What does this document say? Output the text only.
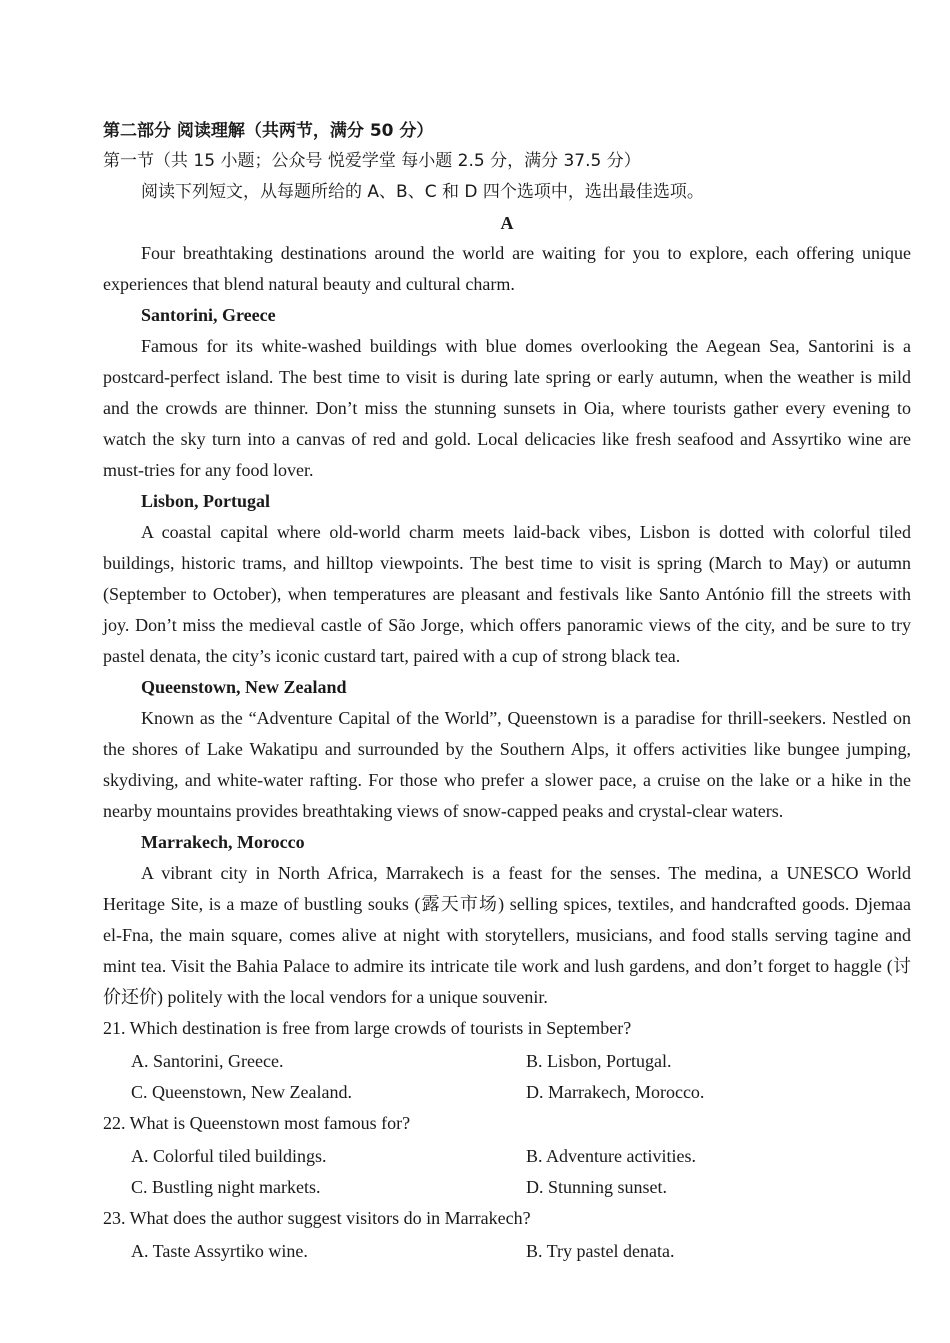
第二部分 阅读理解（共两节，满分 50 分）

第一节（共 15 小题；公众号 悦爱学堂 每小题 2.5 分，满分 37.5 分）

阅读下列短文，从每题所给的 A、B、C 和 D 四个选项中，选出最佳选项。

A

Four breathtaking destinations around the world are waiting for you to explore, each offering unique experiences that blend natural beauty and cultural charm.

Santorini, Greece

Famous for its white-washed buildings with blue domes overlooking the Aegean Sea, Santorini is a postcard-perfect island. The best time to visit is during late spring or early autumn, when the weather is mild and the crowds are thinner. Don’t miss the stunning sunsets in Oia, where tourists gather every evening to watch the sky turn into a canvas of red and gold. Local delicacies like fresh seafood and Assyrtiko wine are must-tries for any food lover.

Lisbon, Portugal

A coastal capital where old-world charm meets laid-back vibes, Lisbon is dotted with colorful tiled buildings, historic trams, and hilltop viewpoints. The best time to visit is spring (March to May) or autumn (September to October), when temperatures are pleasant and festivals like Santo António fill the streets with joy. Don’t miss the medieval castle of São Jorge, which offers panoramic views of the city, and be sure to try pastel denata, the city’s iconic custard tart, paired with a cup of strong black tea.

Queenstown, New Zealand

Known as the “Adventure Capital of the World”, Queenstown is a paradise for thrill-seekers. Nestled on the shores of Lake Wakatipu and surrounded by the Southern Alps, it offers activities like bungee jumping, skydiving, and white-water rafting. For those who prefer a slower pace, a cruise on the lake or a hike in the nearby mountains provides breathtaking views of snow-capped peaks and crystal-clear waters.

Marrakech, Morocco

A vibrant city in North Africa, Marrakech is a feast for the senses. The medina, a UNESCO World Heritage Site, is a maze of bustling souks (露天市场) selling spices, textiles, and handcrafted goods. Djemaa el-Fna, the main square, comes alive at night with storytellers, musicians, and food stalls serving tagine and mint tea. Visit the Bahia Palace to admire its intricate tile work and lush gardens, and don’t forget to haggle (讨价还价) politely with the local vendors for a unique souvenir.

21. Which destination is free from large crowds of tourists in September?

A. Santorini, Greece.	B. Lisbon, Portugal.
C. Queenstown, New Zealand.	D. Marrakech, Morocco.

22. What is Queenstown most famous for?

A. Colorful tiled buildings.	B. Adventure activities.
C. Bustling night markets.	D. Stunning sunset.

23. What does the author suggest visitors do in Marrakech?

A. Taste Assyrtiko wine.	B. Try pastel denata.
